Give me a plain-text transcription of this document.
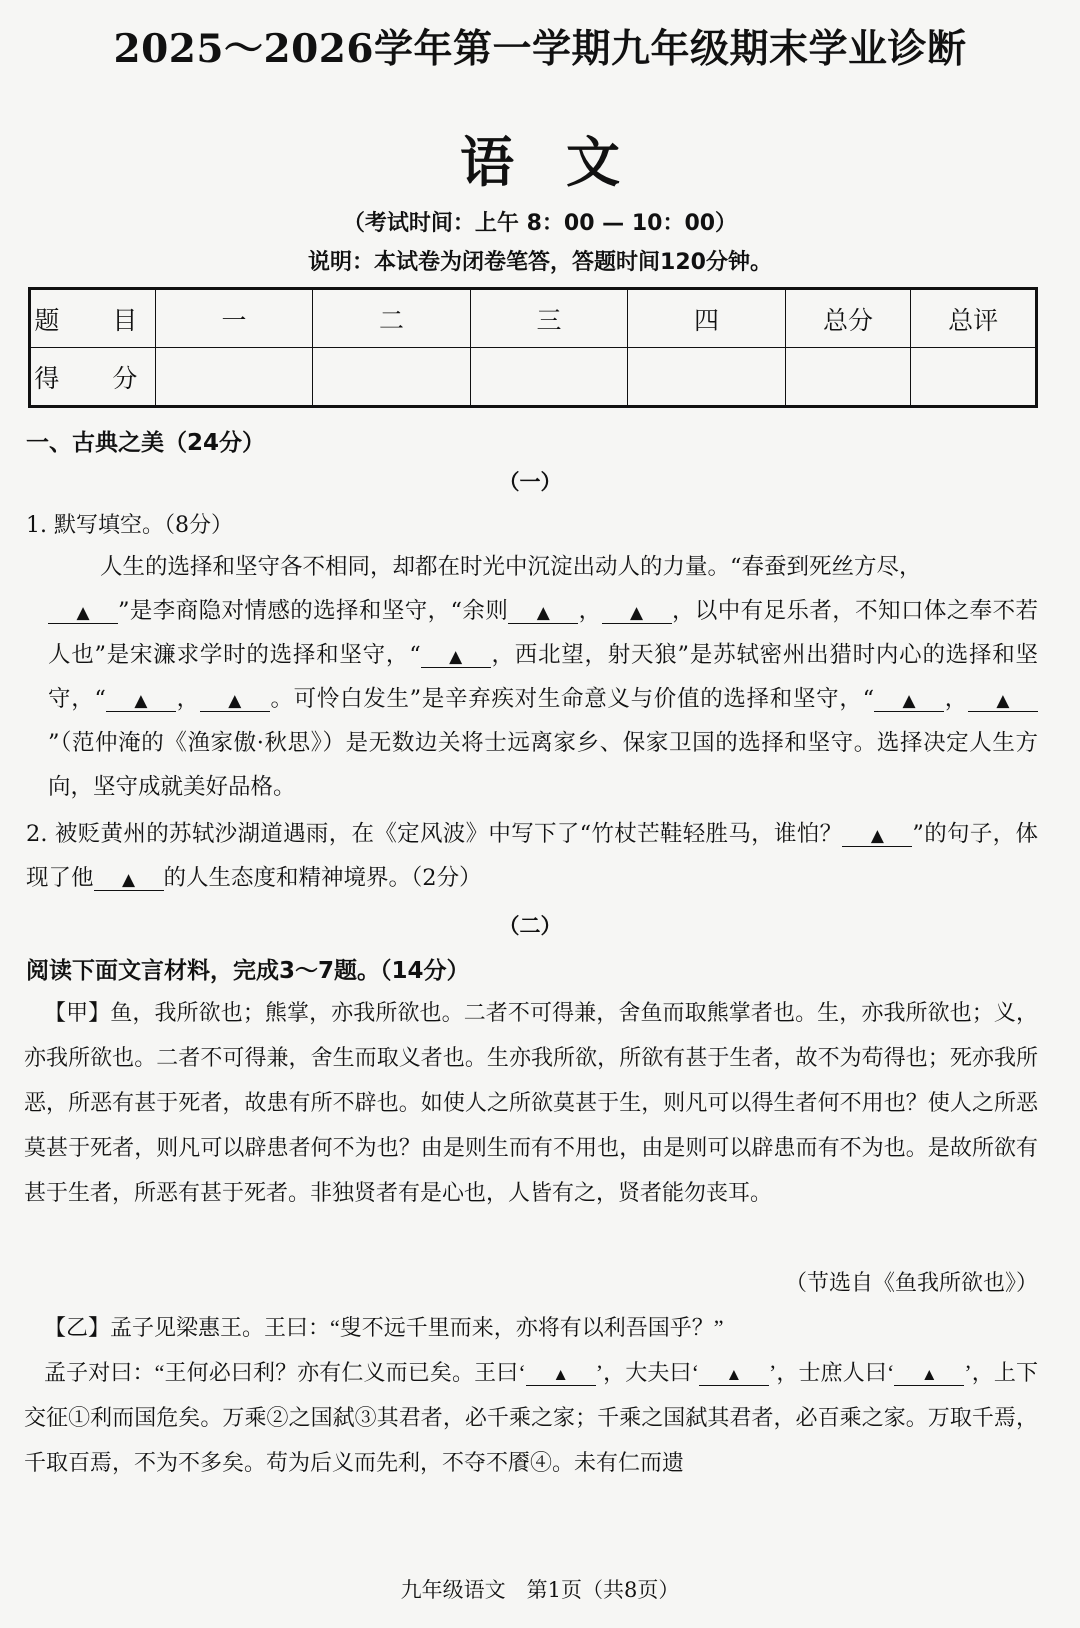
2025～2026学年第一学期九年级期末学业诊断
语文
（考试时间：上午 8：00 — 10：00）
说明：本试卷为闭卷笔答，答题时间120分钟。
题　目	一	二	三	四	总分	总评
得　分						
一、古典之美（24分）
（一）
1. 默写填空。（8分）
人生的选择和坚守各不相同，却都在时光中沉淀出动人的力量。“春蚕到死丝方尽，
▲ ”是李商隐对情感的选择和坚守，“余则 ▲ ， ▲ ，以中有足乐者，不知口体之奉不若人也”是宋濂求学时的选择和坚守，“ ▲ ，西北望，射天狼”是苏轼密州出猎时内心的选择和坚守，“ ▲ ， ▲ 。可怜白发生”是辛弃疾对生命意义与价值的选择和坚守，“ ▲ ， ▲”（范仲淹的《渔家傲·秋思》）是无数边关将士远离家乡、保家卫国的选择和坚守。选择决定人生方向，坚守成就美好品格。
2. 被贬黄州的苏轼沙湖道遇雨，在《定风波》中写下了“竹杖芒鞋轻胜马，谁怕？ ▲ ”的句子，体现了他 ▲ 的人生态度和精神境界。（2分）
（二）
阅读下面文言材料，完成3～7题。（14分）
【甲】鱼，我所欲也；熊掌，亦我所欲也。二者不可得兼，舍鱼而取熊掌者也。生，亦我所欲也；义，亦我所欲也。二者不可得兼，舍生而取义者也。生亦我所欲，所欲有甚于生者，故不为苟得也；死亦我所恶，所恶有甚于死者，故患有所不辟也。如使人之所欲莫甚于生，则凡可以得生者何不用也？使人之所恶莫甚于死者，则凡可以辟患者何不为也？由是则生而有不用也，由是则可以辟患而有不为也。是故所欲有甚于生者，所恶有甚于死者。非独贤者有是心也，人皆有之，贤者能勿丧耳。
（节选自《鱼我所欲也》）
【乙】孟子见梁惠王。王曰：“叟不远千里而来，亦将有以利吾国乎？”
孟子对曰：“王何必曰利？亦有仁义而已矣。王曰‘ ▲ ’，大夫曰‘ ▲ ’，士庶人曰‘ ▲ ’，上下交征①利而国危矣。万乘②之国弑③其君者，必千乘之家；千乘之国弑其君者，必百乘之家。万取千焉，千取百焉，不为不多矣。苟为后义而先利，不夺不餍④。未有仁而遗
九年级语文　第1页（共8页）
